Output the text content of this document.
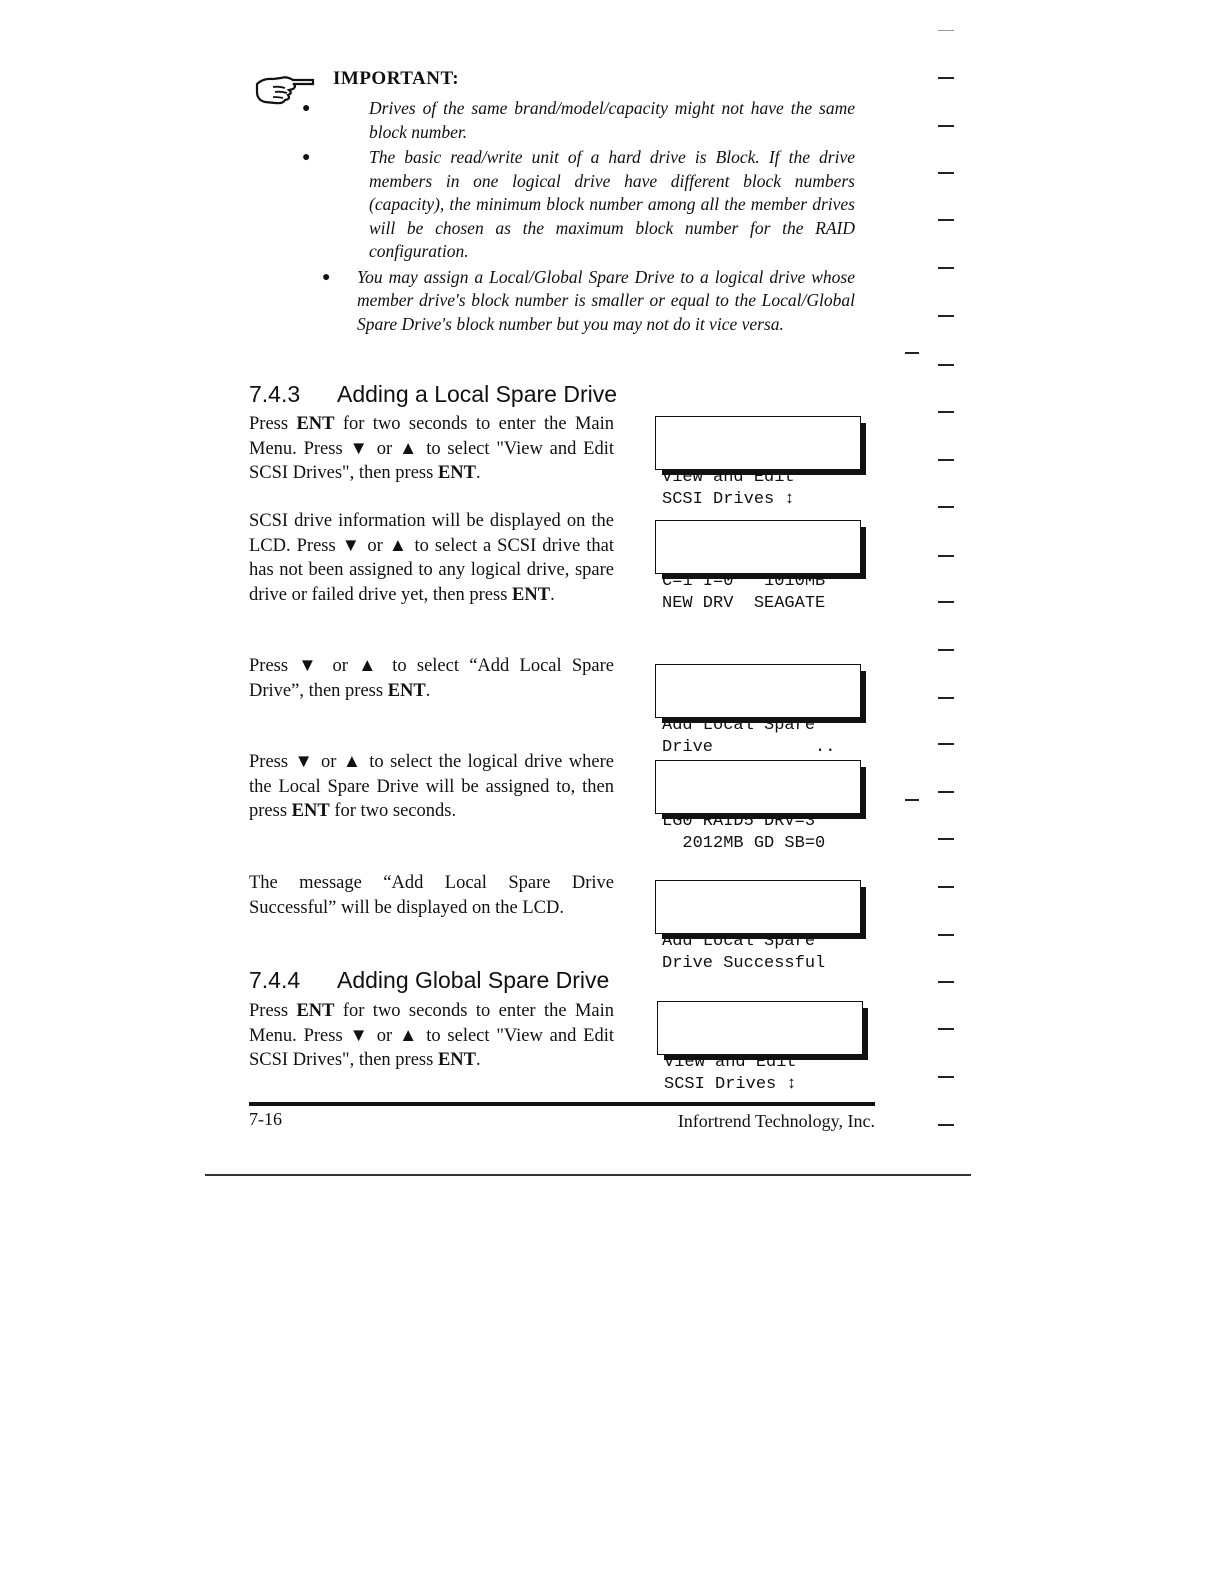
IMPORTANT:
●	Drives of the same brand/model/capacity might not have the same block number.
●	The basic read/write unit of a hard drive is Block. If the drive members in one logical drive have different block numbers (capacity), the minimum block number among all the member drives will be chosen as the maximum block number for the RAID configuration.
● You may assign a Local/Global Spare Drive to a logical drive whose member drive's block number is smaller or equal to the Local/Global Spare Drive's block number but you may not do it vice versa.
7.4.3 Adding a Local Spare Drive
Press ENT for two seconds to enter the Main Menu. Press ▼ or ▲ to select "View and Edit SCSI Drives", then press ENT.

	View and Edit
SCSI Drives ↕

SCSI drive information will be displayed on the LCD. Press ▼ or ▲ to select a SCSI drive that has not been assigned to any logical drive, spare drive or failed drive yet, then press ENT.

C=1 I=0   1010MB
NEW DRV  SEAGATE

Press ▼ or ▲ to select “Add Local Spare Drive”, then press ENT.

Add Local Spare
Drive          ..

Press ▼ or ▲ to select the logical drive where the Local Spare Drive will be assigned to, then press ENT for two seconds.

LG0 RAID5 DRV=3
2012MB GD SB=0

The message “Add Local Spare Drive Successful” will be displayed on the LCD.

Add Local Spare
Drive Successful

7.4.4 Adding Global Spare Drive
Press ENT for two seconds to enter the Main Menu. Press ▼ or ▲ to select "View and Edit SCSI Drives", then press ENT.

	View and Edit
SCSI Drives ↕

7-16	Infortrend Technology, Inc.
